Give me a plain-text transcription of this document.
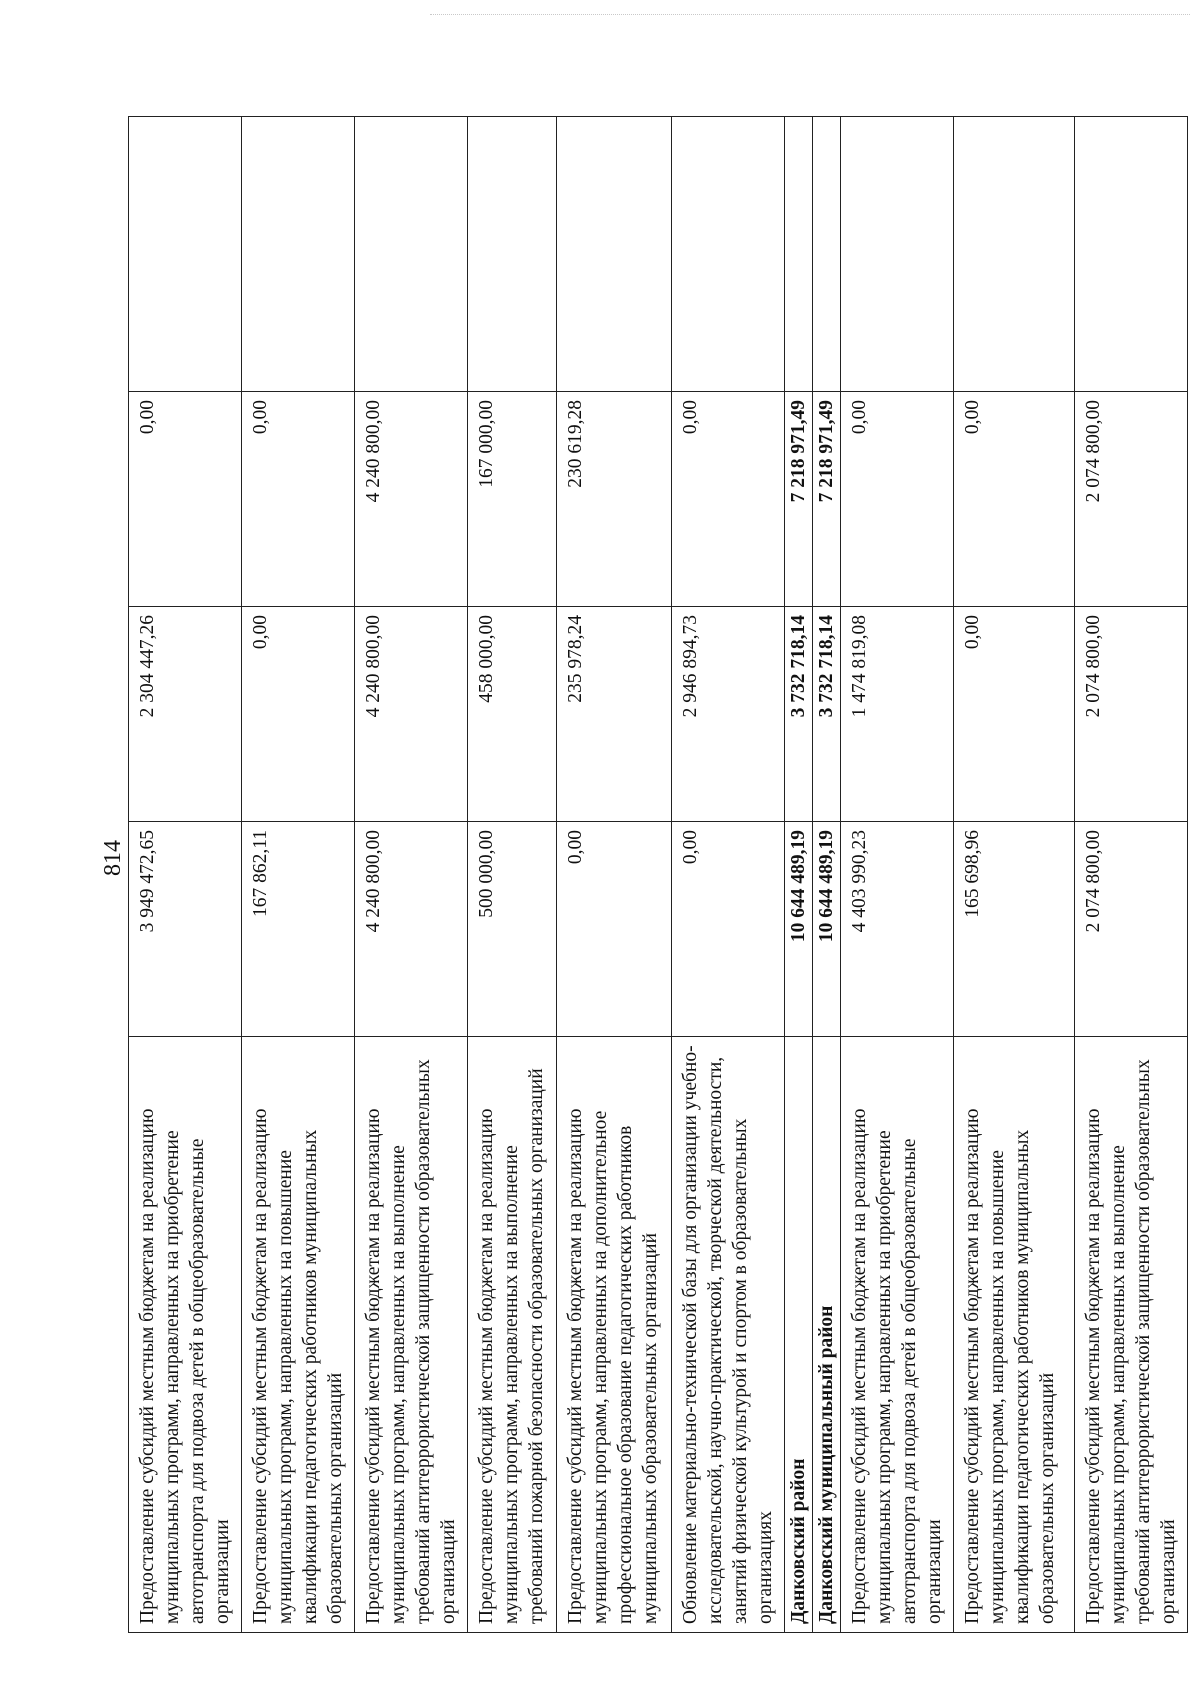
814
Предоставление субсидий местным бюджетам на реализацию муниципальных программ, направленных на приобретение автотранспорта для подвоза детей в общеобразовательные организации	3 949 472,65	2 304 447,26	0,00	
Предоставление субсидий местным бюджетам на реализацию муниципальных программ, направленных на повышение квалификации педагогических работников муниципальных образовательных организаций	167 862,11	0,00	0,00	
Предоставление субсидий местным бюджетам на реализацию муниципальных программ, направленных на выполнение требований антитеррористической защищенности образовательных организаций	4 240 800,00	4 240 800,00	4 240 800,00	
Предоставление субсидий местным бюджетам на реализацию муниципальных программ, направленных на выполнение требований пожарной безопасности образовательных организаций	500 000,00	458 000,00	167 000,00	
Предоставление субсидий местным бюджетам на реализацию муниципальных программ, направленных на дополнительное профессиональное образование педагогических работников муниципальных образовательных организаций	0,00	235 978,24	230 619,28	
Обновление материально-технической базы для организации учебно-исследовательской, научно-практической, творческой деятельности, занятий физической культурой и спортом в образовательных организациях	0,00	2 946 894,73	0,00	
Данковский район	10 644 489,19	3 732 718,14	7 218 971,49	
Данковский муниципальный район	10 644 489,19	3 732 718,14	7 218 971,49	
Предоставление субсидий местным бюджетам на реализацию муниципальных программ, направленных на приобретение автотранспорта для подвоза детей в общеобразовательные организации	4 403 990,23	1 474 819,08	0,00	
Предоставление субсидий местным бюджетам на реализацию муниципальных программ, направленных на повышение квалификации педагогических работников муниципальных образовательных организаций	165 698,96	0,00	0,00	
Предоставление субсидий местным бюджетам на реализацию муниципальных программ, направленных на выполнение требований антитеррористической защищенности образовательных организаций	2 074 800,00	2 074 800,00	2 074 800,00	
